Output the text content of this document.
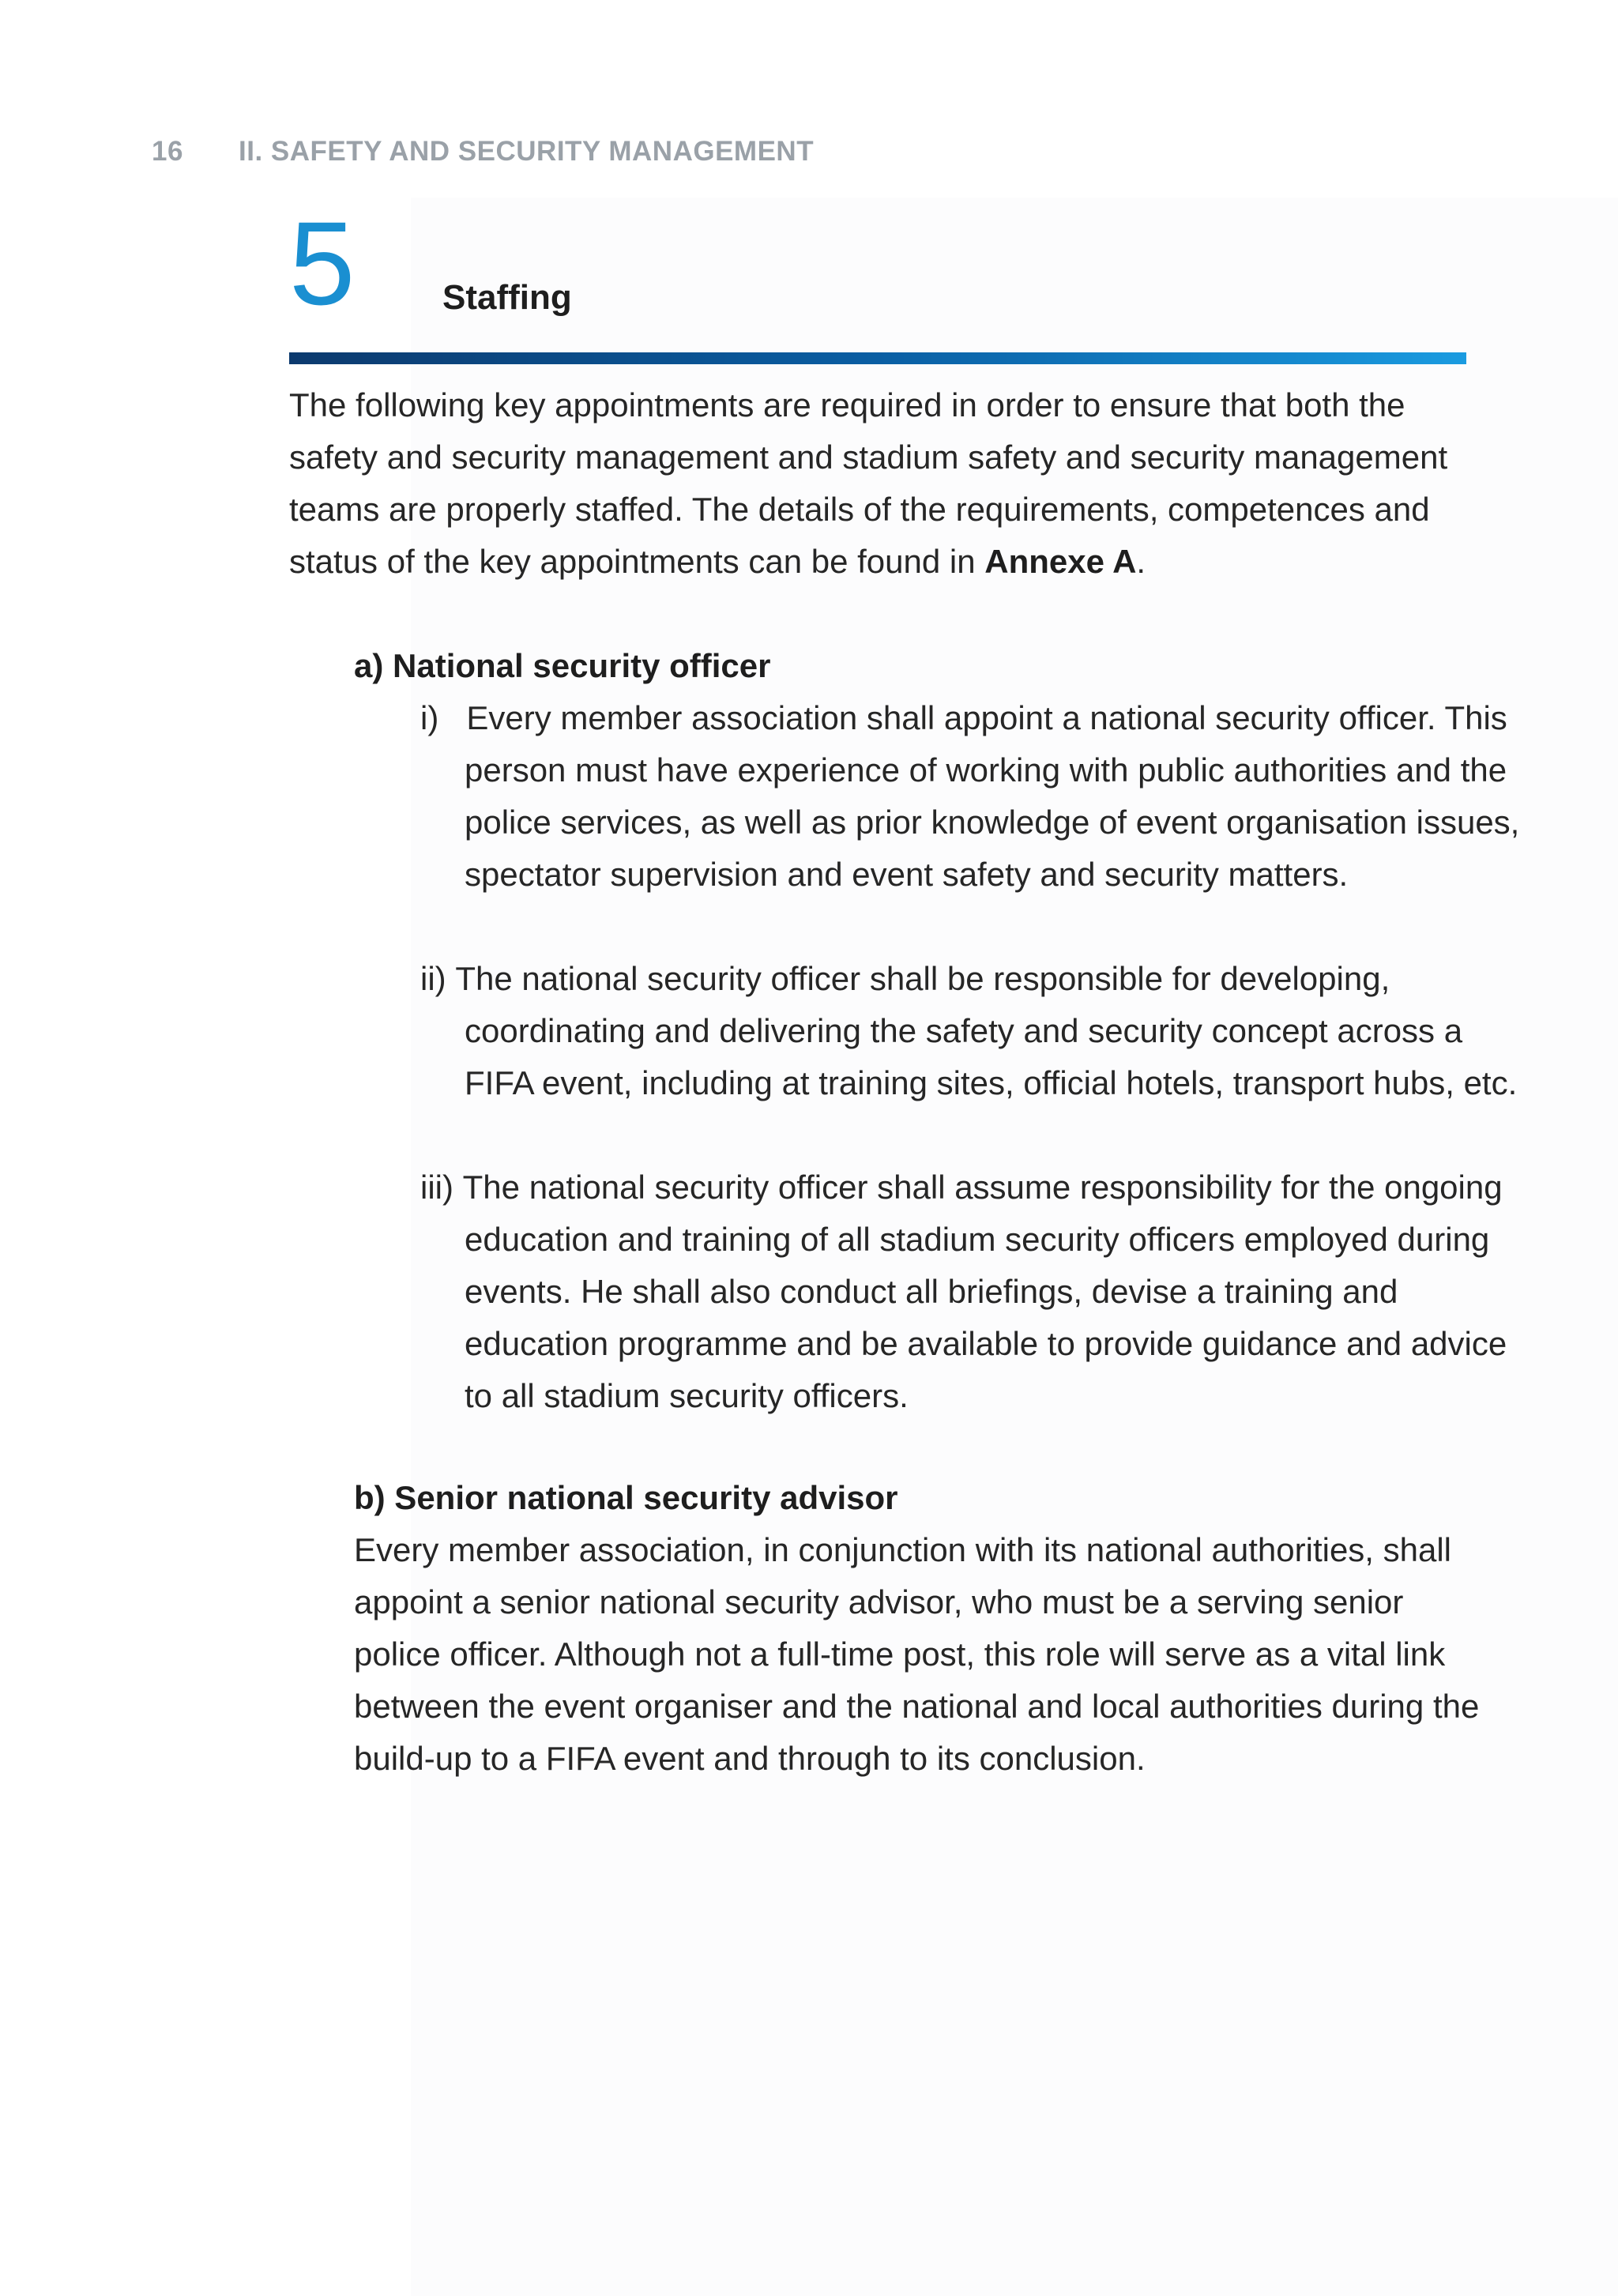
16 II. SAFETY AND SECURITY MANAGEMENT
5	Staffing

The following key appointments are required in order to ensure that both the safety and security management and stadium safety and security management teams are properly staffed. The details of the requirements, competences and status of the key appointments can be found in Annexe A.

a) National security officer
i) Every member association shall appoint a national security officer. This person must have experience of working with public authorities and the police services, as well as prior knowledge of event organisation issues, spectator supervision and event safety and security matters.
ii) The national security officer shall be responsible for developing, coordinating and delivering the safety and security concept across a FIFA event, including at training sites, official hotels, transport hubs, etc.
iii) The national security officer shall assume responsibility for the ongoing education and training of all stadium security officers employed during events. He shall also conduct all briefings, devise a training and education programme and be available to provide guidance and advice to all stadium security officers.
b) Senior national security advisor

Every member association, in conjunction with its national authorities, shall appoint a senior national security advisor, who must be a serving senior police officer. Although not a full-time post, this role will serve as a vital link between the event organiser and the national and local authorities during the build-up to a FIFA event and through to its conclusion.
